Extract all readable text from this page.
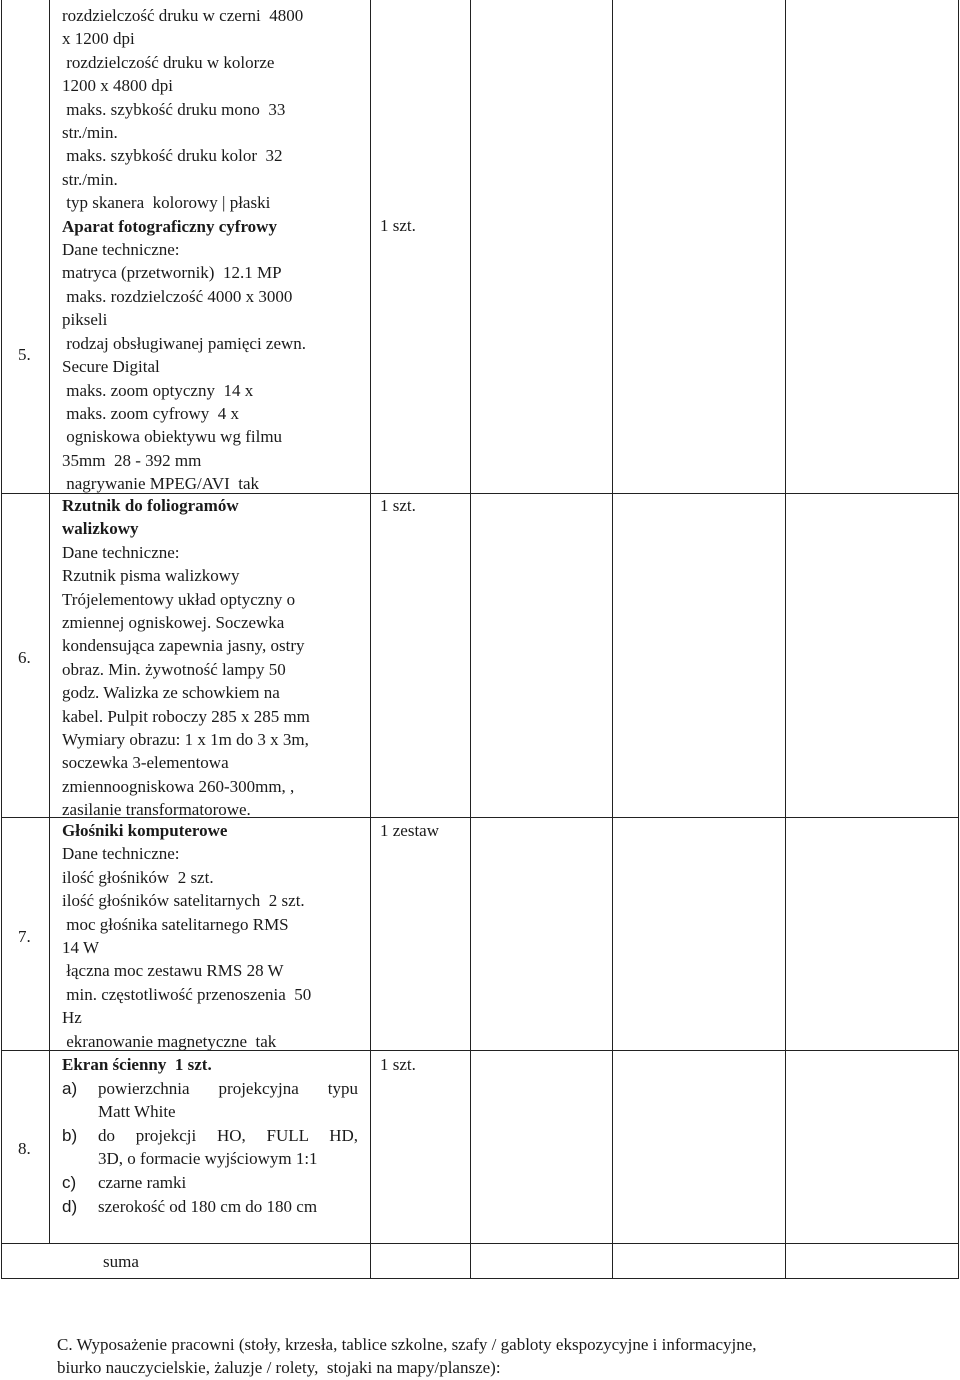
5.
rozdzielczość druku w czerni  4800
x 1200 dpi
rozdzielczość druku w kolorze
1200 x 4800 dpi
maks. szybkość druku mono  33
str./min.
maks. szybkość druku kolor  32
str./min.
typ skanera  kolorowy | płaski
Aparat fotograficzny cyfrowy
Dane techniczne:
matryca (przetwornik)  12.1 MP
maks. rozdzielczość 4000 x 3000
pikseli
rodzaj obsługiwanej pamięci zewn.
Secure Digital
maks. zoom optyczny  14 x
maks. zoom cyfrowy  4 x
ogniskowa obiektywu wg filmu
35mm  28 - 392 mm
nagrywanie MPEG/AVI  tak
1 szt.
6.
Rzutnik do foliogramów
walizkowy
Dane techniczne:
Rzutnik pisma walizkowy
Trójelementowy układ optyczny o
zmiennej ogniskowej. Soczewka
kondensująca zapewnia jasny, ostry
obraz. Min. żywotność lampy 50
godz. Walizka ze schowkiem na
kabel. Pulpit roboczy 285 x 285 mm
Wymiary obrazu: 1 x 1m do 3 x 3m,
soczewka 3-elementowa
zmiennoogniskowa 260-300mm, ,
zasilanie transformatorowe.
1 szt.
7.
Głośniki komputerowe
Dane techniczne:
ilość głośników  2 szt.
ilość głośników satelitarnych  2 szt.
moc głośnika satelitarnego RMS
14 W
łączna moc zestawu RMS 28 W
min. częstotliwość przenoszenia  50
Hz
ekranowanie magnetyczne  tak
1 zestaw
8.
Ekran ścienny  1 szt.
a) powierzchnia projekcyjna typu
Matt White
b) do projekcji HO, FULL HD,
3D, o formacie wyjściowym 1:1
c) czarne ramki
d) szerokość od 180 cm do 180 cm
1 szt.
suma
C. Wyposażenie pracowni (stoły, krzesła, tablice szkolne, szafy / gabloty ekspozycyjne i informacyjne,
biurko nauczycielskie, żaluzje / rolety,  stojaki na mapy/plansze):
